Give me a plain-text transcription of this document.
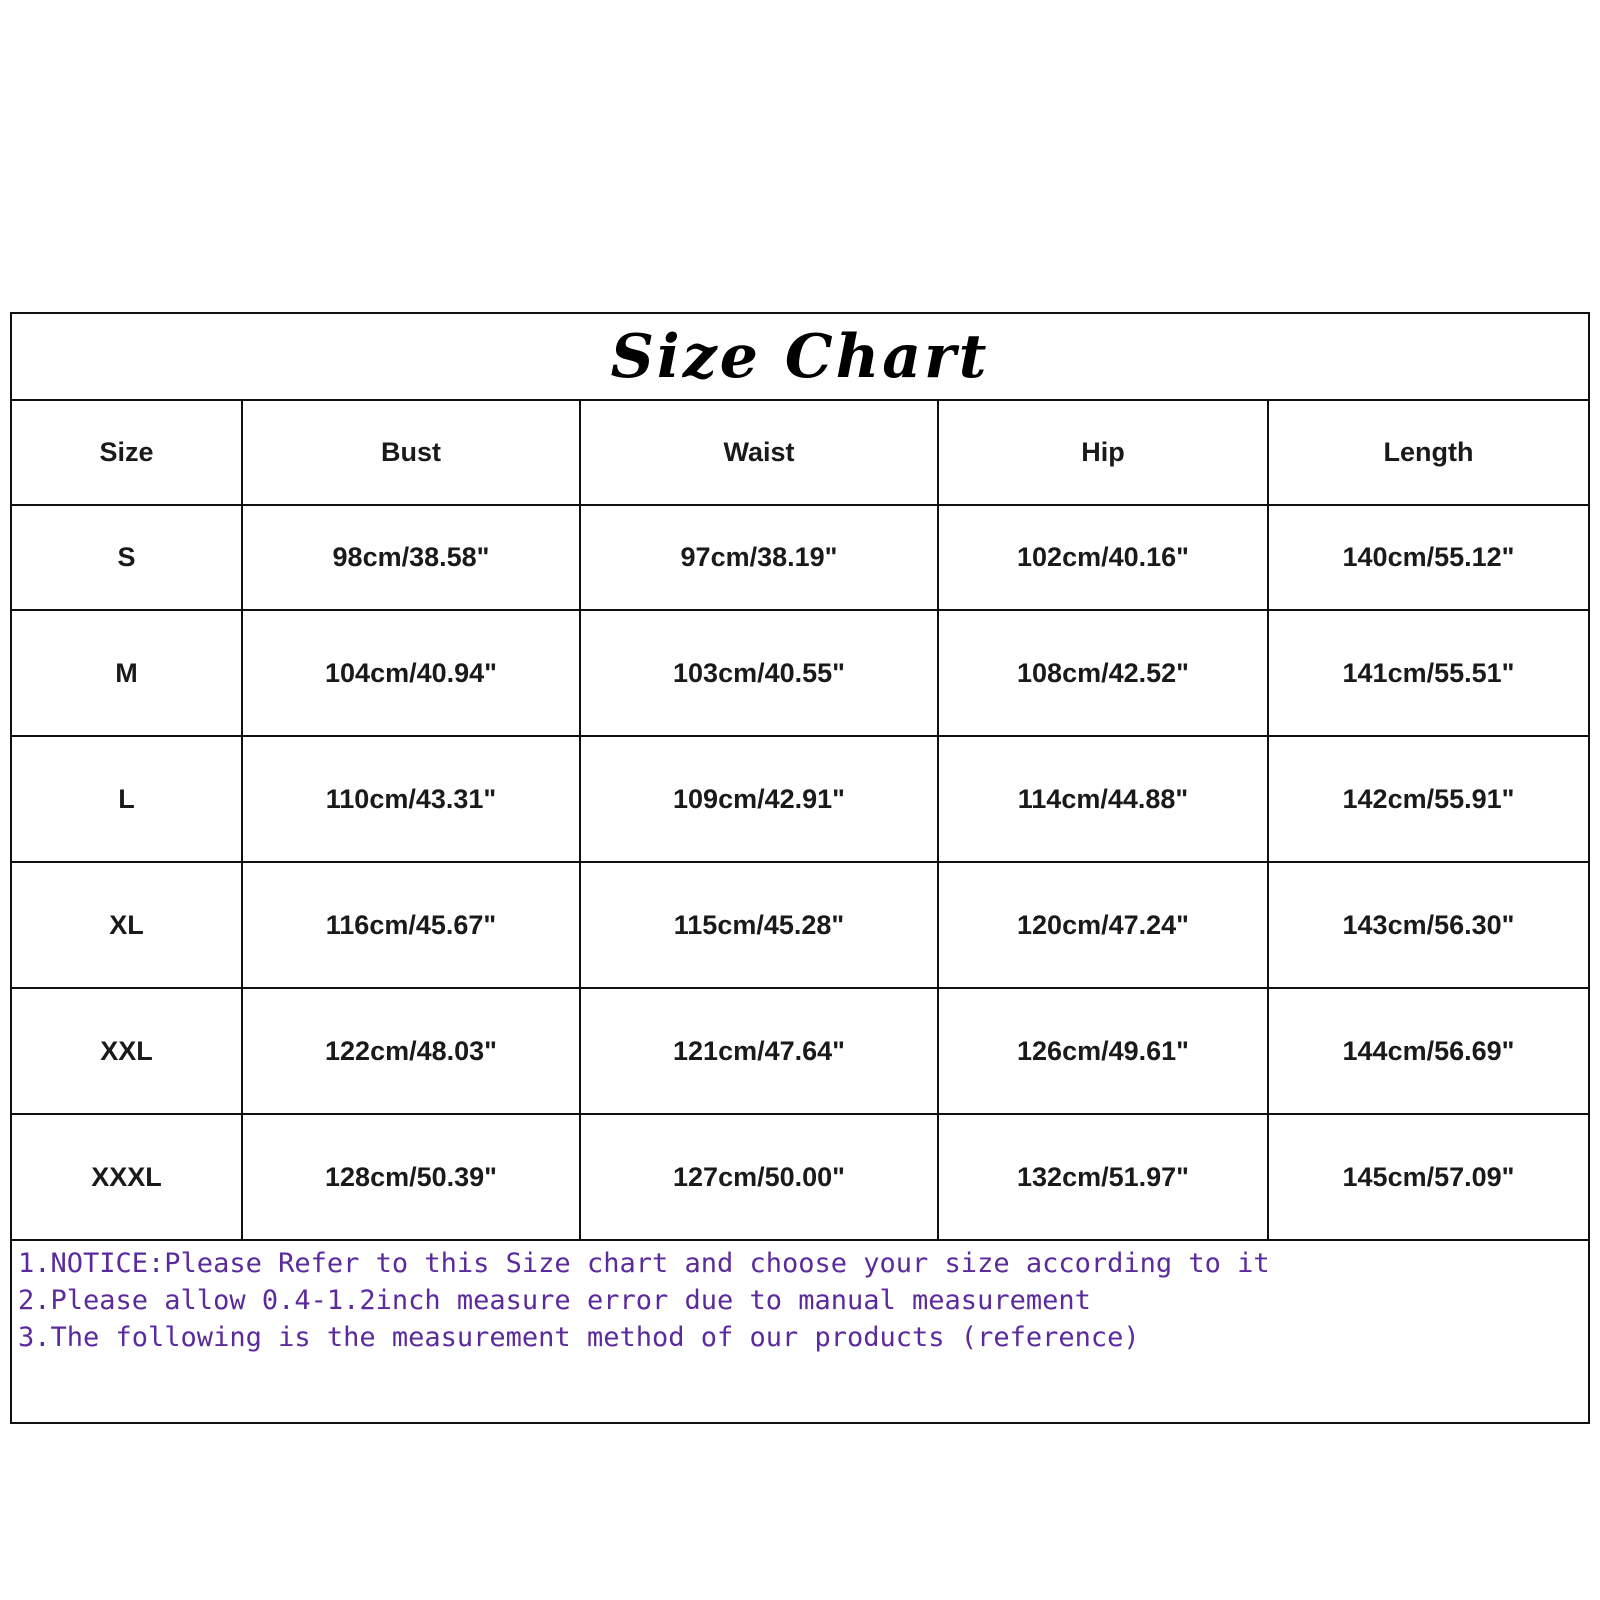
Size Chart
Size	Bust	Waist	Hip	Length
S	98cm/38.58"	97cm/38.19"	102cm/40.16"	140cm/55.12"
M	104cm/40.94"	103cm/40.55"	108cm/42.52"	141cm/55.51"
L	110cm/43.31"	109cm/42.91"	114cm/44.88"	142cm/55.91"
XL	116cm/45.67"	115cm/45.28"	120cm/47.24"	143cm/56.30"
XXL	122cm/48.03"	121cm/47.64"	126cm/49.61"	144cm/56.69"
XXXL	128cm/50.39"	127cm/50.00"	132cm/51.97"	145cm/57.09"
1.NOTICE:Please Refer to this Size chart and choose your size according to it
2.Please allow 0.4-1.2inch measure error due to manual measurement
3.The following is the measurement method of our products (reference)
